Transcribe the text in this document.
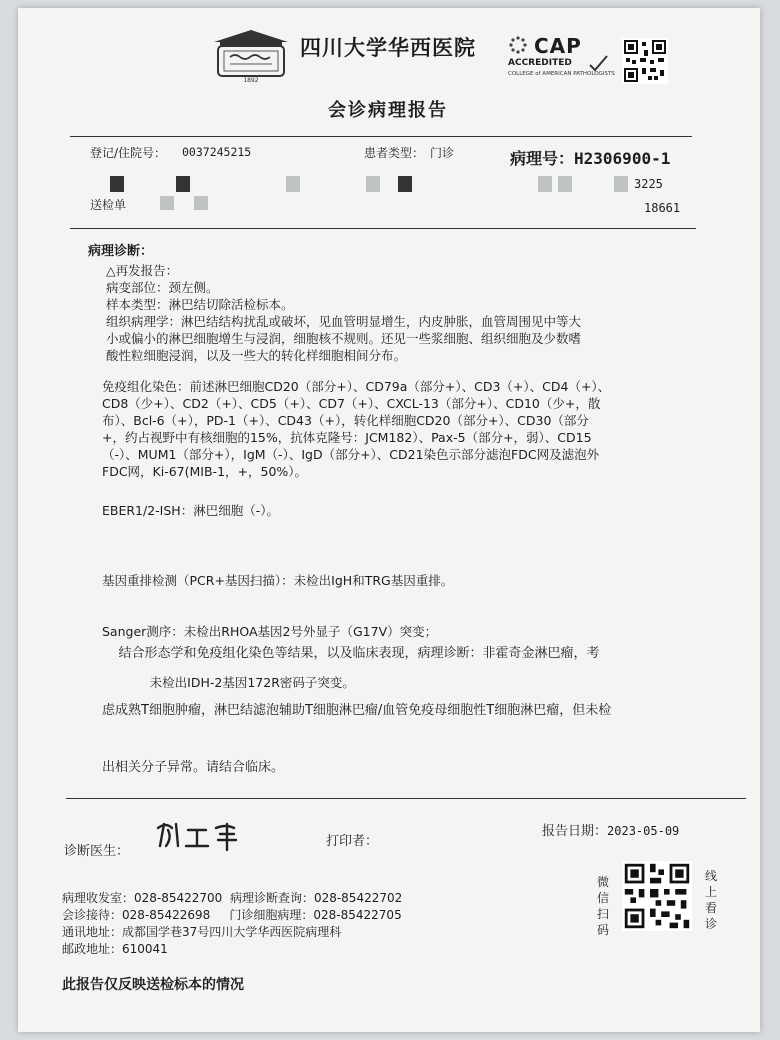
1892
四川大学华西医院	CAP
ACCREDITED
COLLEGE of AMERICAN PATHOLOGISTS
会诊病理报告
登记/住院号： 0037245215	患者类型： 门诊	病理号：H2306900-1
3225
送检单	18661
病理诊断：
△再发报告：
病变部位：颈左侧。
样本类型：淋巴结切除活检标本。
组织病理学：淋巴结结构扰乱或破坏，见血管明显增生，内皮肿胀，血管周围见中等大
小或偏小的淋巴细胞增生与浸润，细胞核不规则。还见一些浆细胞、组织细胞及少数嗜
酸性粒细胞浸润，以及一些大的转化样细胞相间分布。
免疫组化染色：前述淋巴细胞CD20（部分+）、CD79a（部分+）、CD3（+）、CD4（+）、
CD8（少+）、CD2（+）、CD5（+）、CD7（+）、CXCL-13（部分+）、CD10（少+，散
布）、Bcl-6（+），PD-1（+）、CD43（+），转化样细胞CD20（部分+）、CD30（部分
+，约占视野中有核细胞的15%，抗体克隆号：JCM182）、Pax-5（部分+，弱）、CD15
（-）、MUM1（部分+），IgM（-）、IgD（部分+）、CD21染色示部分滤泡FDC网及滤泡外
FDC网，Ki-67(MIB-1，+，50%）。
EBER1/2-ISH：淋巴细胞（-）。

基因重排检测（PCR+基因扫描）：未检出IgH和TRG基因重排。

Sanger测序：未检出RHOA基因2号外显子（G17V）突变；

未检出IDH-2基因172R密码子突变。

结合形态学和免疫组化染色等结果，以及临床表现，病理诊断：非霍奇金淋巴瘤，考

虑成熟T细胞肿瘤，淋巴结滤泡辅助T细胞淋巴瘤/血管免疫母细胞性T细胞淋巴瘤，但未检

出相关分子异常。请结合临床。

诊断医生：
打印者：
报告日期：2023-05-09
微信扫码
线上看诊
病理收发室：028-85422700  病理诊断查询：028-85422702
会诊接待：028-85422698     门诊细胞病理：028-85422705
通讯地址：成都国学巷37号四川大学华西医院病理科
邮政地址：610041
此报告仅反映送检标本的情况
